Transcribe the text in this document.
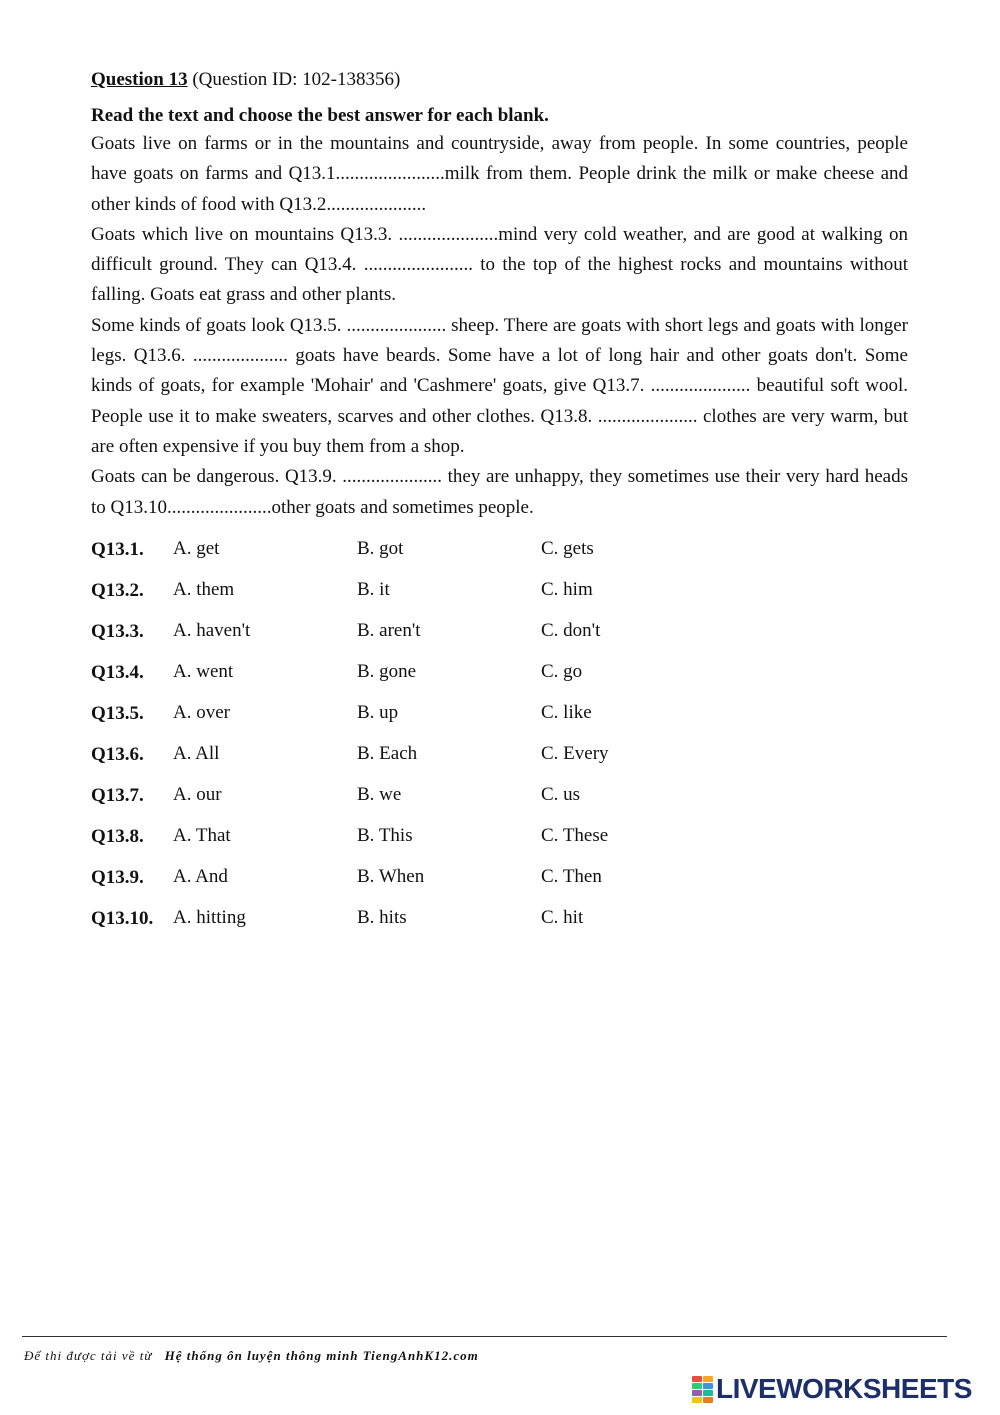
Question 13 (Question ID: 102-138356)
Read the text and choose the best answer for each blank.

Goats live on farms or in the mountains and countryside, away from people. In some countries, people have goats on farms and Q13.1.......................milk from them. People drink the milk or make cheese and other kinds of food with Q13.2.....................

Goats which live on mountains Q13.3. .....................mind very cold weather, and are good at walking on difficult ground. They can Q13.4. ....................... to the top of the highest rocks and mountains without falling. Goats eat grass and other plants.

Some kinds of goats look Q13.5. ..................... sheep. There are goats with short legs and goats with longer legs. Q13.6. .................... goats have beards. Some have a lot of long hair and other goats don't. Some kinds of goats, for example 'Mohair' and 'Cashmere' goats, give Q13.7. ..................... beautiful soft wool. People use it to make sweaters, scarves and other clothes. Q13.8. ..................... clothes are very warm, but are often expensive if you buy them from a shop.

Goats can be dangerous. Q13.9. ..................... they are unhappy, they sometimes use their very hard heads to Q13.10......................other goats and sometimes people.

Q13.1. A. get	B. got	C. gets
Q13.2. A. them	B. it	C. him
Q13.3. A. haven't	B. aren't	C. don't
Q13.4. A. went	B. gone	C. go
Q13.5. A. over	B. up	C. like
Q13.6. A. All	B. Each	C. Every
Q13.7. A. our	B. we	C. us
Q13.8. A. That	B. This	C. These
Q13.9. A. And	B. When	C. Then
Q13.10. A. hitting	B. hits	C. hit
Để thi được tải về từ Hệ thống ôn luyện thông minh TiengAnhK12.com
LIVEWORKSHEETS
